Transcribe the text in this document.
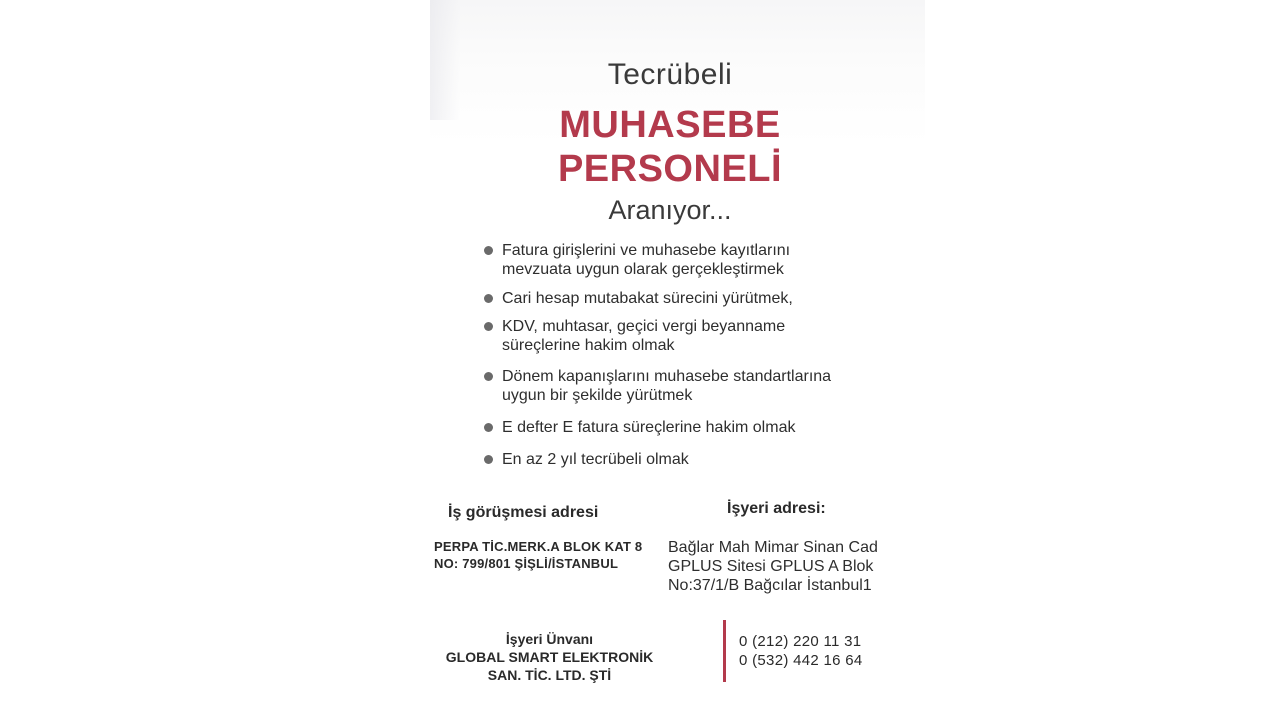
Tecrübeli
MUHASEBE
PERSONELİ
Aranıyor...
Fatura girişlerini ve muhasebe kayıtlarını
mevzuata uygun olarak gerçekleştirmek
Cari hesap mutabakat sürecini yürütmek,
KDV, muhtasar, geçici vergi beyanname
süreçlerine hakim olmak
Dönem kapanışlarını muhasebe standartlarına
uygun bir şekilde yürütmek
E defter E fatura süreçlerine hakim olmak
En az 2 yıl tecrübeli olmak
İş görüşmesi adresi	İşyeri adresi:
PERPA TİC.MERK.A BLOK KAT 8
NO: 799/801 ŞİŞLİ/İSTANBUL
Bağlar Mah Mimar Sinan Cad
GPLUS Sitesi GPLUS A Blok
No:37/1/B Bağcılar İstanbul1
İşyeri Ünvanı
GLOBAL SMART ELEKTRONİK
SAN. TİC. LTD. ŞTİ
0 (212) 220 11 31
0 (532) 442 16 64
